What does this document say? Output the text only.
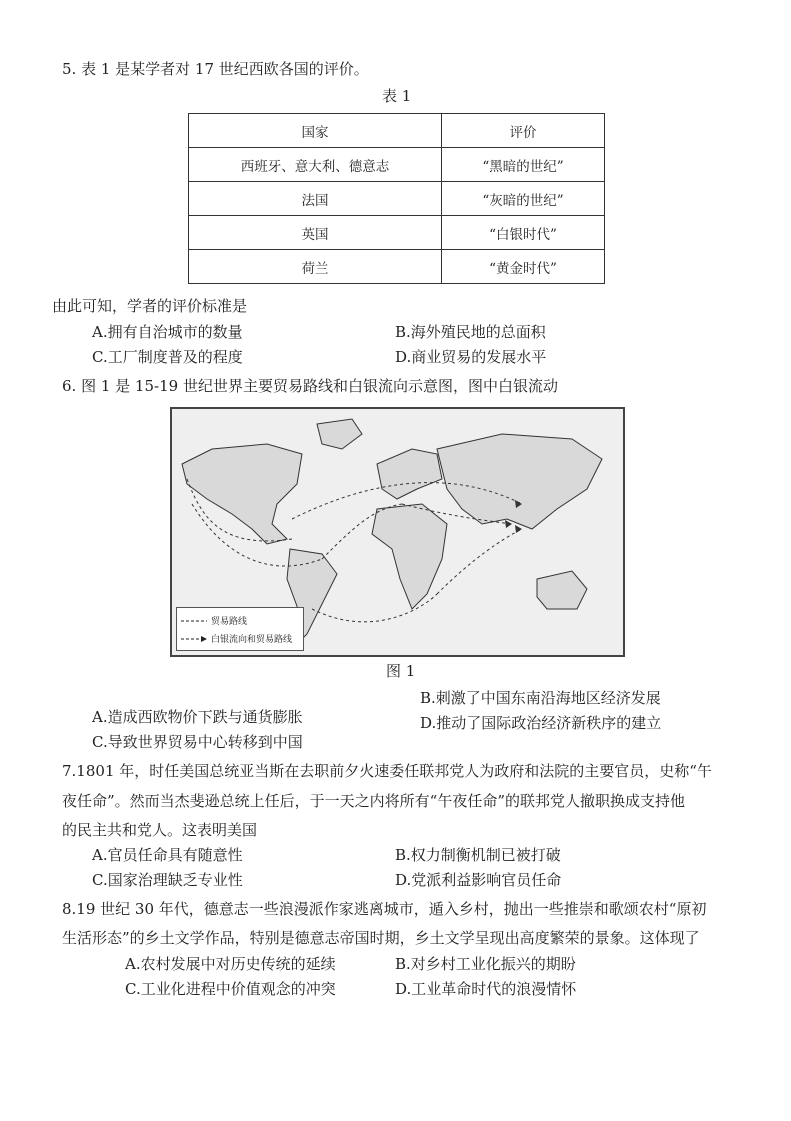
5. 表 1 是某学者对 17 世纪西欧各国的评价。
表 1
国家	评价
西班牙、意大利、德意志	“黑暗的世纪”
法国	“灰暗的世纪”
英国	“白银时代”
荷兰	“黄金时代”
由此可知，学者的评价标准是
A.拥有自治城市的数量	B.海外殖民地的总面积
C.工厂制度普及的程度	D.商业贸易的发展水平
6. 图 1 是 15-19 世纪世界主要贸易路线和白银流向示意图，图中白银流动
贸易路线
白银流向和贸易路线
图 1
B.刺激了中国东南沿海地区经济发展
A.造成西欧物价下跌与通货膨胀	D.推动了国际政治经济新秩序的建立
C.导致世界贸易中心转移到中国
7.1801 年，时任美国总统亚当斯在去职前夕火速委任联邦党人为政府和法院的主要官员，史称“午
夜任命”。然而当杰斐逊总统上任后，于一天之内将所有“午夜任命”的联邦党人撤职换成支持他
的民主共和党人。这表明美国
A.官员任命具有随意性	B.权力制衡机制已被打破
C.国家治理缺乏专业性	D.党派利益影响官员任命
8.19 世纪 30 年代，德意志一些浪漫派作家逃离城市，遁入乡村，抛出一些推崇和歌颂农村“原初
生活形态”的乡土文学作品，特别是德意志帝国时期，乡土文学呈现出高度繁荣的景象。这体现了
A.农村发展中对历史传统的延续	B.对乡村工业化振兴的期盼
C.工业化进程中价值观念的冲突	D.工业革命时代的浪漫情怀
